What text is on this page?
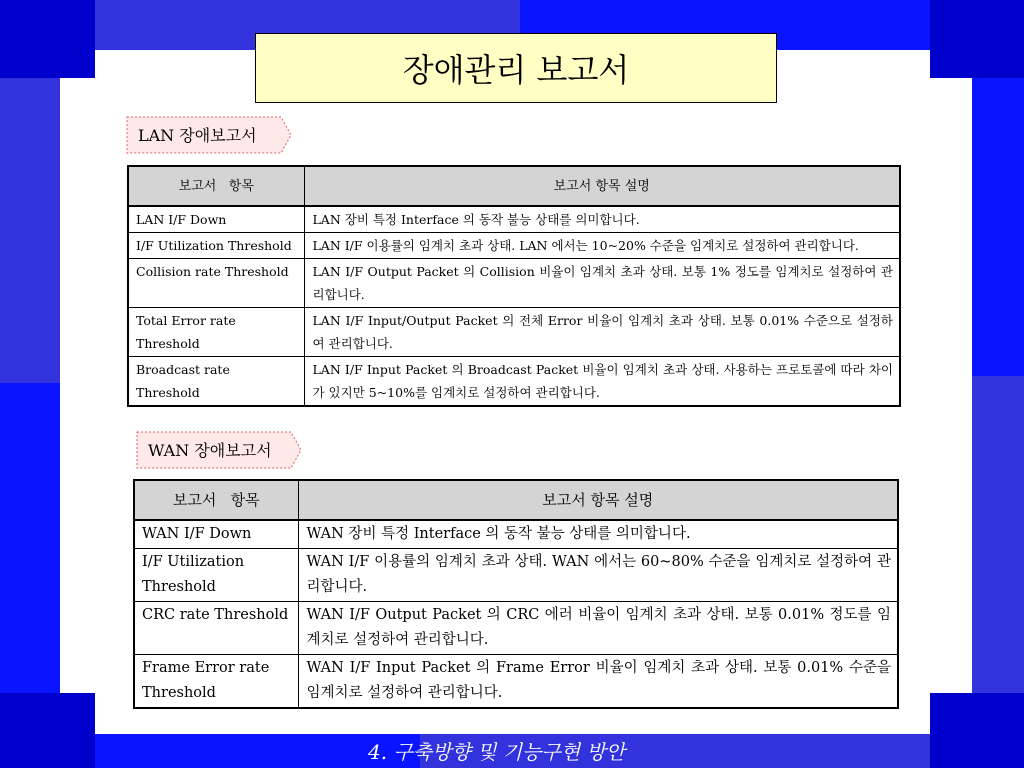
장애관리 보고서
LAN 장애보고서
보고서   항목	보고서 항목 설명
LAN I/F Down	LAN 장비 특정 Interface 의 동작 불능 상태를 의미합니다.
I/F Utilization Threshold	LAN I/F 이용률의 임계치 초과 상태. LAN 에서는 10~20% 수준을 임계치로 설정하여 관리합니다.
Collision rate Threshold	LAN I/F Output Packet 의 Collision 비율이 임계치 초과 상태. 보통 1% 정도를 임계치로 설정하여 관리합니다.
Total Error rate Threshold	LAN I/F Input/Output Packet 의 전체 Error 비율이 임계치 초과 상태. 보통 0.01% 수준으로 설정하여 관리합니다.
Broadcast rate Threshold	LAN I/F Input Packet 의 Broadcast Packet 비율이 임계치 초과 상태. 사용하는 프로토콜에 따라 차이가 있지만 5~10%를 임계치로 설정하여 관리합니다.
WAN 장애보고서
보고서   항목	보고서 항목 설명
WAN I/F Down	WAN 장비 특정 Interface 의 동작 불능 상태를 의미합니다.
I/F Utilization Threshold	WAN I/F 이용률의 임계치 초과 상태. WAN 에서는 60~80% 수준을 임계치로 설정하여 관리합니다.
CRC rate Threshold	WAN I/F Output Packet 의 CRC 에러 비율이 임계치 초과 상태. 보통 0.01% 정도를 임계치로 설정하여 관리합니다.
Frame Error rate Threshold	WAN I/F Input Packet 의 Frame Error 비율이 임계치 초과 상태. 보통 0.01% 수준을 임계치로 설정하여 관리합니다.
4. 구축방향 및 기능구현 방안
